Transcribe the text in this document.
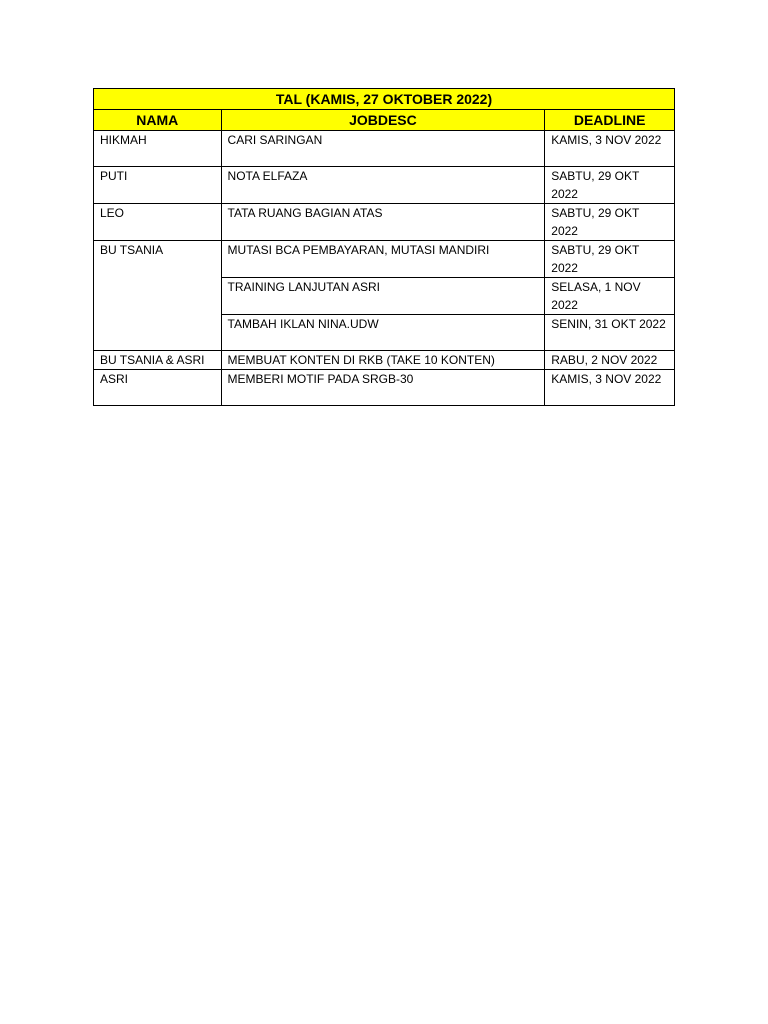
TAL (KAMIS, 27 OKTOBER 2022)		
NAMA	JOBDESC	DEADLINE
HIKMAH	CARI SARINGAN	KAMIS, 3 NOV 2022
PUTI	NOTA ELFAZA	SABTU, 29 OKT 2022
LEO	TATA RUANG BAGIAN ATAS	SABTU, 29 OKT 2022
BU TSANIA	MUTASI BCA PEMBAYARAN, MUTASI MANDIRI	SABTU, 29 OKT 2022
	TRAINING LANJUTAN ASRI	SELASA, 1 NOV 2022
	TAMBAH IKLAN NINA.UDW	SENIN, 31 OKT 2022
BU TSANIA & ASRI	MEMBUAT KONTEN DI RKB (TAKE 10 KONTEN)	RABU, 2 NOV 2022
ASRI	MEMBERI MOTIF PADA SRGB-30	KAMIS, 3 NOV 2022
